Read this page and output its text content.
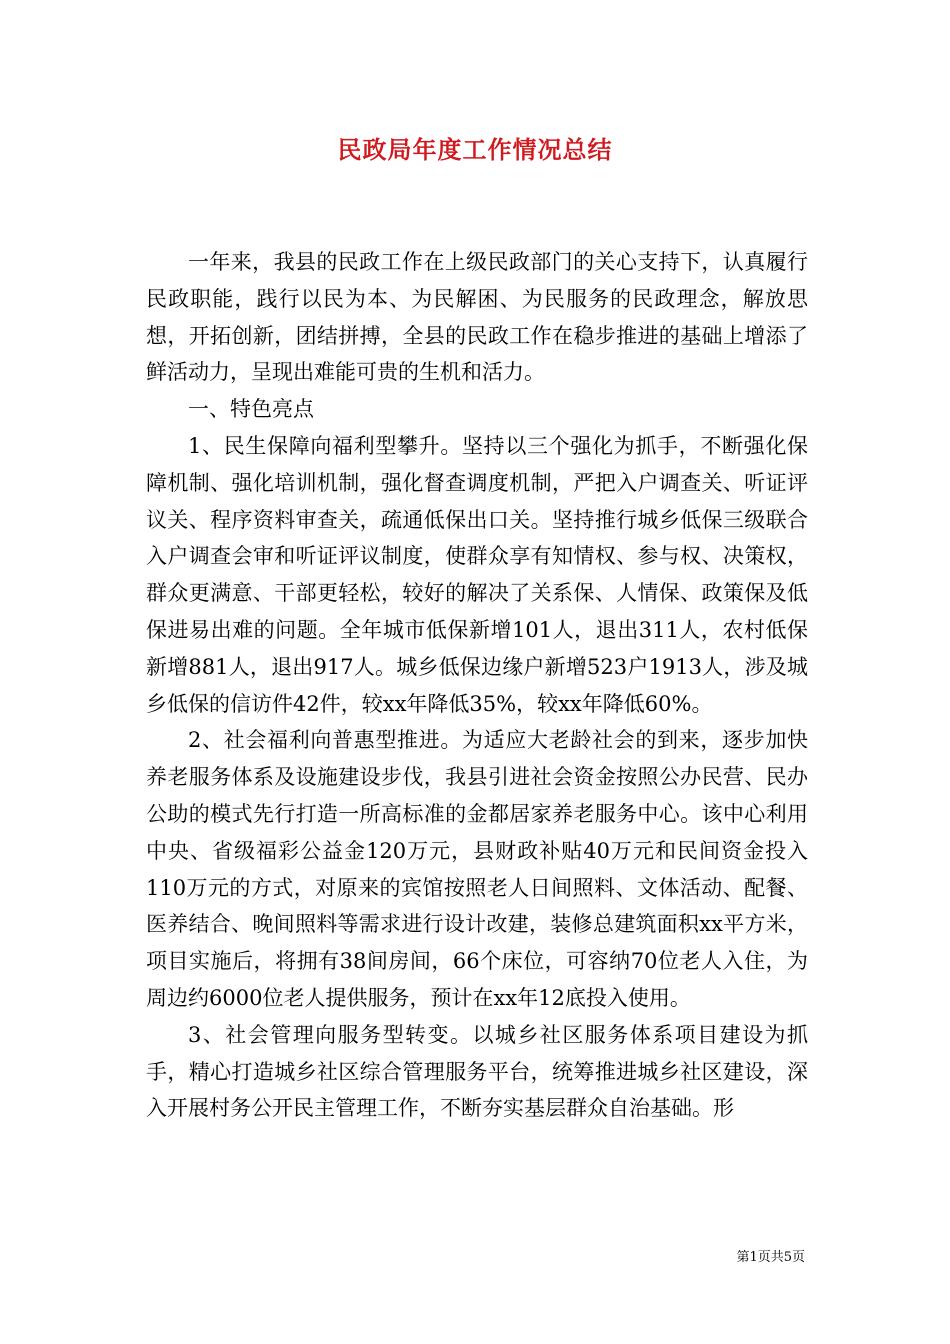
民政局年度工作情况总结

一年来，我县的民政工作在上级民政部门的关心支持下，认真履行民政职能，践行以民为本、为民解困、为民服务的民政理念，解放思想，开拓创新，团结拼搏，全县的民政工作在稳步推进的基础上增添了鲜活动力，呈现出难能可贵的生机和活力。

一、特色亮点

1、民生保障向福利型攀升。坚持以三个强化为抓手，不断强化保障机制、强化培训机制，强化督查调度机制，严把入户调查关、听证评议关、程序资料审查关，疏通低保出口关。坚持推行城乡低保三级联合入户调查会审和听证评议制度，使群众享有知情权、参与权、决策权，群众更满意、干部更轻松，较好的解决了关系保、人情保、政策保及低保进易出难的问题。全年城市低保新增101人，退出311人，农村低保新增881人，退出917人。城乡低保边缘户新增523户1913人，涉及城乡低保的信访件42件，较xx年降低35%，较xx年降低60%。

2、社会福利向普惠型推进。为适应大老龄社会的到来，逐步加快养老服务体系及设施建设步伐，我县引进社会资金按照公办民营、民办公助的模式先行打造一所高标准的金都居家养老服务中心。该中心利用中央、省级福彩公益金120万元，县财政补贴40万元和民间资金投入110万元的方式，对原来的宾馆按照老人日间照料、文体活动、配餐、医养结合、晚间照料等需求进行设计改建，装修总建筑面积xx平方米，项目实施后，将拥有38间房间，66个床位，可容纳70位老人入住，为周边约6000位老人提供服务，预计在xx年12底投入使用。

3、社会管理向服务型转变。以城乡社区服务体系项目建设为抓手，精心打造城乡社区综合管理服务平台，统筹推进城乡社区建设，深入开展村务公开民主管理工作，不断夯实基层群众自治基础。形

第1页共5页
